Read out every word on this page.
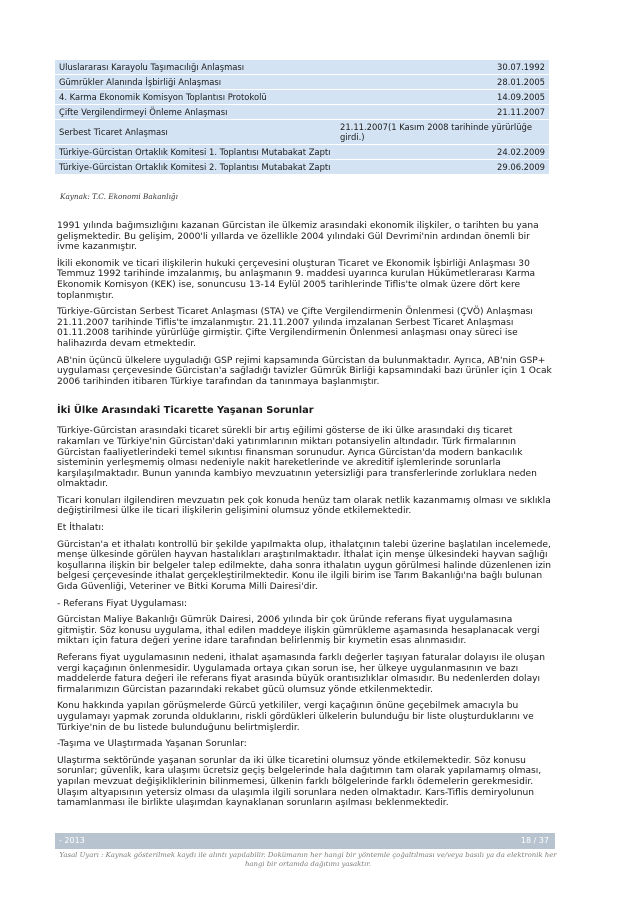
Uluslararası Karayolu Taşımacılığı Anlaşması	30.07.1992
Gümrükler Alanında İşbirliği Anlaşması	28.01.2005
4. Karma Ekonomik Komisyon Toplantısı Protokolü	14.09.2005
Çifte Vergilendirmeyi Önleme Anlaşması	21.11.2007
Serbest Ticaret Anlaşması	21.11.2007(1 Kasım 2008 tarihinde yürürlüğe girdi.)
Türkiye-Gürcistan Ortaklık Komitesi 1. Toplantısı Mutabakat Zaptı	24.02.2009
Türkiye-Gürcistan Ortaklık Komitesi 2. Toplantısı Mutabakat Zaptı	29.06.2009
Kaynak: T.C. Ekonomi Bakanlığı

1991 yılında bağımsızlığını kazanan Gürcistan ile ülkemiz arasındaki ekonomik ilişkiler, o tarihten bu yana gelişmektedir. Bu gelişim, 2000'li yıllarda ve özellikle 2004 yılındaki Gül Devrimi'nin ardından önemli bir ivme kazanmıştır.

İkili ekonomik ve ticari ilişkilerin hukuki çerçevesini oluşturan Ticaret ve Ekonomik İşbirliği Anlaşması 30 Temmuz 1992 tarihinde imzalanmış, bu anlaşmanın 9. maddesi uyarınca kurulan Hükümetlerarası Karma Ekonomik Komisyon (KEK) ise, sonuncusu 13-14 Eylül 2005 tarihlerinde Tiflis'te olmak üzere dört kere toplanmıştır.

Türkiye-Gürcistan Serbest Ticaret Anlaşması (STA) ve Çifte Vergilendirmenin Önlenmesi (ÇVÖ) Anlaşması 21.11.2007 tarihinde Tiflis'te imzalanmıştır. 21.11.2007 yılında imzalanan Serbest Ticaret Anlaşması 01.11.2008 tarihinde yürürlüğe girmiştir. Çifte Vergilendirmenin Önlenmesi anlaşması onay süreci ise halihazırda devam etmektedir.

AB'nin üçüncü ülkelere uyguladığı GSP rejimi kapsamında Gürcistan da bulunmaktadır. Ayrıca, AB'nin GSP+ uygulaması çerçevesinde Gürcistan'a sağladığı tavizler Gümrük Birliği kapsamındaki bazı ürünler için 1 Ocak 2006 tarihinden itibaren Türkiye tarafından da tanınmaya başlanmıştır.

İki Ülke Arasındaki Ticarette Yaşanan Sorunlar

Türkiye-Gürcistan arasındaki ticaret sürekli bir artış eğilimi gösterse de iki ülke arasındaki dış ticaret rakamları ve Türkiye'nin Gürcistan'daki yatırımlarının miktarı potansiyelin altındadır. Türk firmalarının Gürcistan faaliyetlerindeki temel sıkıntısı finansman sorunudur. Ayrıca Gürcistan'da modern bankacılık sisteminin yerleşmemiş olması nedeniyle nakit hareketlerinde ve akreditif işlemlerinde sorunlarla karşılaşılmaktadır. Bunun yanında kambiyo mevzuatının yetersizliği para transferlerinde zorluklara neden olmaktadır.

Ticari konuları ilgilendiren mevzuatın pek çok konuda henüz tam olarak netlik kazanmamış olması ve sıklıkla değiştirilmesi ülke ile ticari ilişkilerin gelişimini olumsuz yönde etkilemektedir.

Et İthalatı:

Gürcistan'a et ithalatı kontrollü bir şekilde yapılmakta olup, ithalatçının talebi üzerine başlatılan incelemede, menşe ülkesinde görülen hayvan hastalıkları araştırılmaktadır. İthalat için menşe ülkesindeki hayvan sağlığı koşullarına ilişkin bir belgeler talep edilmekte, daha sonra ithalatın uygun görülmesi halinde düzenlenen izin belgesi çerçevesinde ithalat gerçekleştirilmektedir. Konu ile ilgili birim ise Tarım Bakanlığı'na bağlı bulunan Gıda Güvenliği, Veteriner ve Bitki Koruma Milli Dairesi'dir.

- Referans Fiyat Uygulaması:

Gürcistan Maliye Bakanlığı Gümrük Dairesi, 2006 yılında bir çok üründe referans fiyat uygulamasına gitmiştir. Söz konusu uygulama, ithal edilen maddeye ilişkin gümrükleme aşamasında hesaplanacak vergi miktarı için fatura değeri yerine idare tarafından belirlenmiş bir kıymetin esas alınmasıdır.

Referans fiyat uygulamasının nedeni, ithalat aşamasında farklı değerler taşıyan faturalar dolayısı ile oluşan vergi kaçağının önlenmesidir. Uygulamada ortaya çıkan sorun ise, her ülkeye uygulanmasının ve bazı maddelerde fatura değeri ile referans fiyat arasında büyük orantısızlıklar olmasıdır. Bu nedenlerden dolayı firmalarımızın Gürcistan pazarındaki rekabet gücü olumsuz yönde etkilenmektedir.

Konu hakkında yapılan görüşmelerde Gürcü yetkililer, vergi kaçağının önüne geçebilmek amacıyla bu uygulamayı yapmak zorunda olduklarını, riskli gördükleri ülkelerin bulunduğu bir liste oluşturduklarını ve Türkiye'nin de bu listede bulunduğunu belirtmişlerdir.

-Taşıma ve Ulaştırmada Yaşanan Sorunlar:

Ulaştırma sektöründe yaşanan sorunlar da iki ülke ticaretini olumsuz yönde etkilemektedir. Söz konusu sorunlar; güvenlik, kara ulaşımı ücretsiz geçiş belgelerinde hala dağıtımın tam olarak yapılamamış olması, yapılan mevzuat değişikliklerinin bilinmemesi, ülkenin farklı bölgelerinde farklı ödemelerin gerekmesidir. Ulaşım altyapısının yetersiz olması da ulaşımla ilgili sorunlara neden olmaktadır. Kars-Tiflis demiryolunun tamamlanması ile birlikte ulaşımdan kaynaklanan sorunların aşılması beklenmektedir.

- 2013	18 / 37
Yasal Uyarı : Kaynak gösterilmek kaydı ile alıntı yapılabilir. Dokümanın her hangi bir yöntemle çoğaltılması ve/veya basılı ya da elektronik her hangi bir ortamda dağıtımı yasaktır.
